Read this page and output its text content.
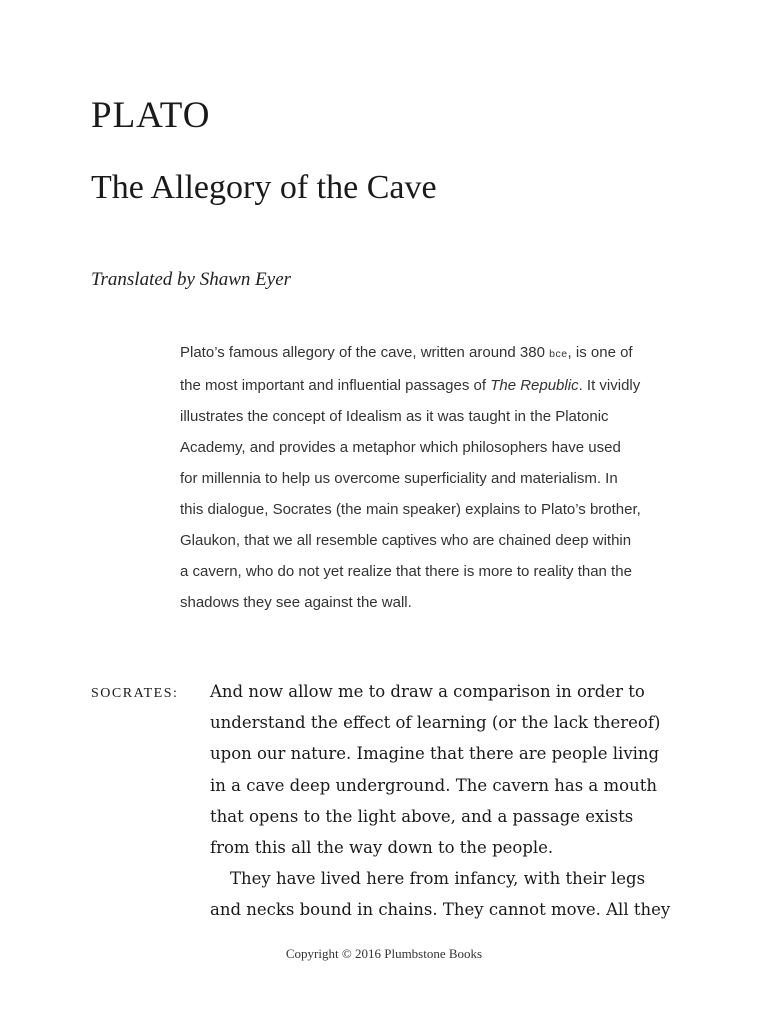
PLATO
The Allegory of the Cave

Translated by Shawn Eyer

Plato’s famous allegory of the cave, written around 380 bce, is one of
the most important and influential passages of The Republic. It vividly
illustrates the concept of Idealism as it was taught in the Platonic
Academy, and provides a metaphor which philosophers have used
for millennia to help us overcome superficiality and materialism. In
this dialogue, Socrates (the main speaker) explains to Plato’s brother,
Glaukon, that we all resemble captives who are chained deep within
a cavern, who do not yet realize that there is more to reality than the
shadows they see against the wall.
SOCRATES: And now allow me to draw a comparison in order to
understand the effect of learning (or the lack thereof)
upon our nature. Imagine that there are people living
in a cave deep underground. The cavern has a mouth
that opens to the light above, and a passage exists
from this all the way down to the people.
They have lived here from infancy, with their legs
and necks bound in chains. They cannot move. All they

Copyright © 2016 Plumbstone Books
